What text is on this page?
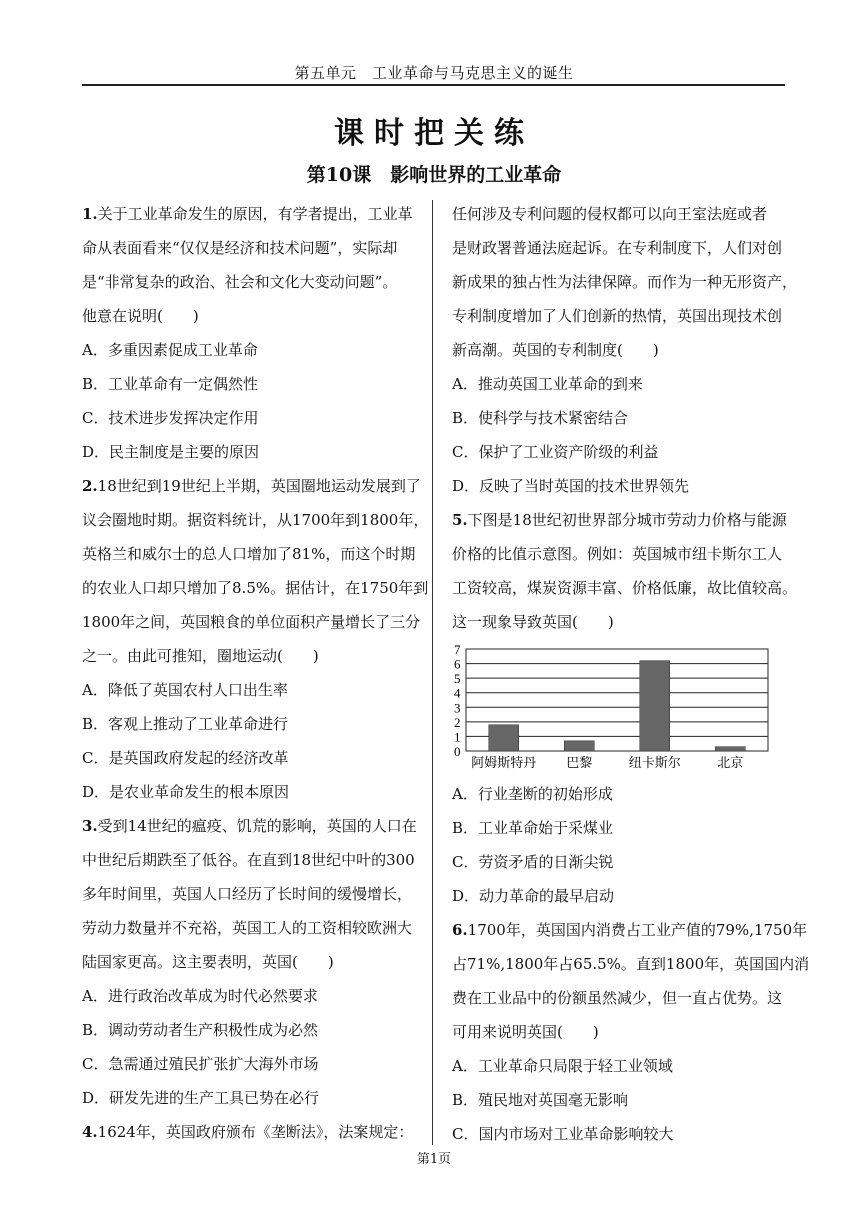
第五单元　工业革命与马克思主义的诞生
课时把关练
第10课　影响世界的工业革命
1.关于工业革命发生的原因，有学者提出，工业革
命从表面看来“仅仅是经济和技术问题”，实际却
是“非常复杂的政治、社会和文化大变动问题”。
他意在说明(　　)
A．多重因素促成工业革命
B．工业革命有一定偶然性
C．技术进步发挥决定作用
D．民主制度是主要的原因
2.18世纪到19世纪上半期，英国圈地运动发展到了
议会圈地时期。据资料统计，从1700年到1800年，
英格兰和威尔士的总人口增加了81%，而这个时期
的农业人口却只增加了8.5%。据估计，在1750年到
1800年之间，英国粮食的单位面积产量增长了三分
之一。由此可推知，圈地运动(　　)
A．降低了英国农村人口出生率
B．客观上推动了工业革命进行
C．是英国政府发起的经济改革
D．是农业革命发生的根本原因
3.受到14世纪的瘟疫、饥荒的影响，英国的人口在
中世纪后期跌至了低谷。在直到18世纪中叶的300
多年时间里，英国人口经历了长时间的缓慢增长，
劳动力数量并不充裕，英国工人的工资相较欧洲大
陆国家更高。这主要表明，英国(　　)
A．进行政治改革成为时代必然要求
B．调动劳动者生产积极性成为必然
C．急需通过殖民扩张扩大海外市场
D．研发先进的生产工具已势在必行
4.1624年，英国政府颁布《垄断法》，法案规定：
任何涉及专利问题的侵权都可以向王室法庭或者
是财政署普通法庭起诉。在专利制度下，人们对创
新成果的独占性为法律保障。而作为一种无形资产，
专利制度增加了人们创新的热情，英国出现技术创
新高潮。英国的专利制度(　　)
A．推动英国工业革命的到来
B．使科学与技术紧密结合
C．保护了工业资产阶级的利益
D．反映了当时英国的技术世界领先
5.下图是18世纪初世界部分城市劳动力价格与能源
价格的比值示意图。例如：英国城市纽卡斯尔工人
工资较高，煤炭资源丰富、价格低廉，故比值较高。
这一现象导致英国(　　)
0
1
2
3
4
5
6
7
阿姆斯特丹 巴黎	纽卡斯尔	北京
A．行业垄断的初始形成
B．工业革命始于采煤业
C．劳资矛盾的日渐尖锐
D．动力革命的最早启动
6.1700年，英国国内消费占工业产值的79%,1750年
占71%,1800年占65.5%。直到1800年，英国国内消
费在工业品中的份额虽然减少，但一直占优势。这
可用来说明英国(　　)
A．工业革命只局限于轻工业领域
B．殖民地对英国毫无影响
C．国内市场对工业革命影响较大
第1页
